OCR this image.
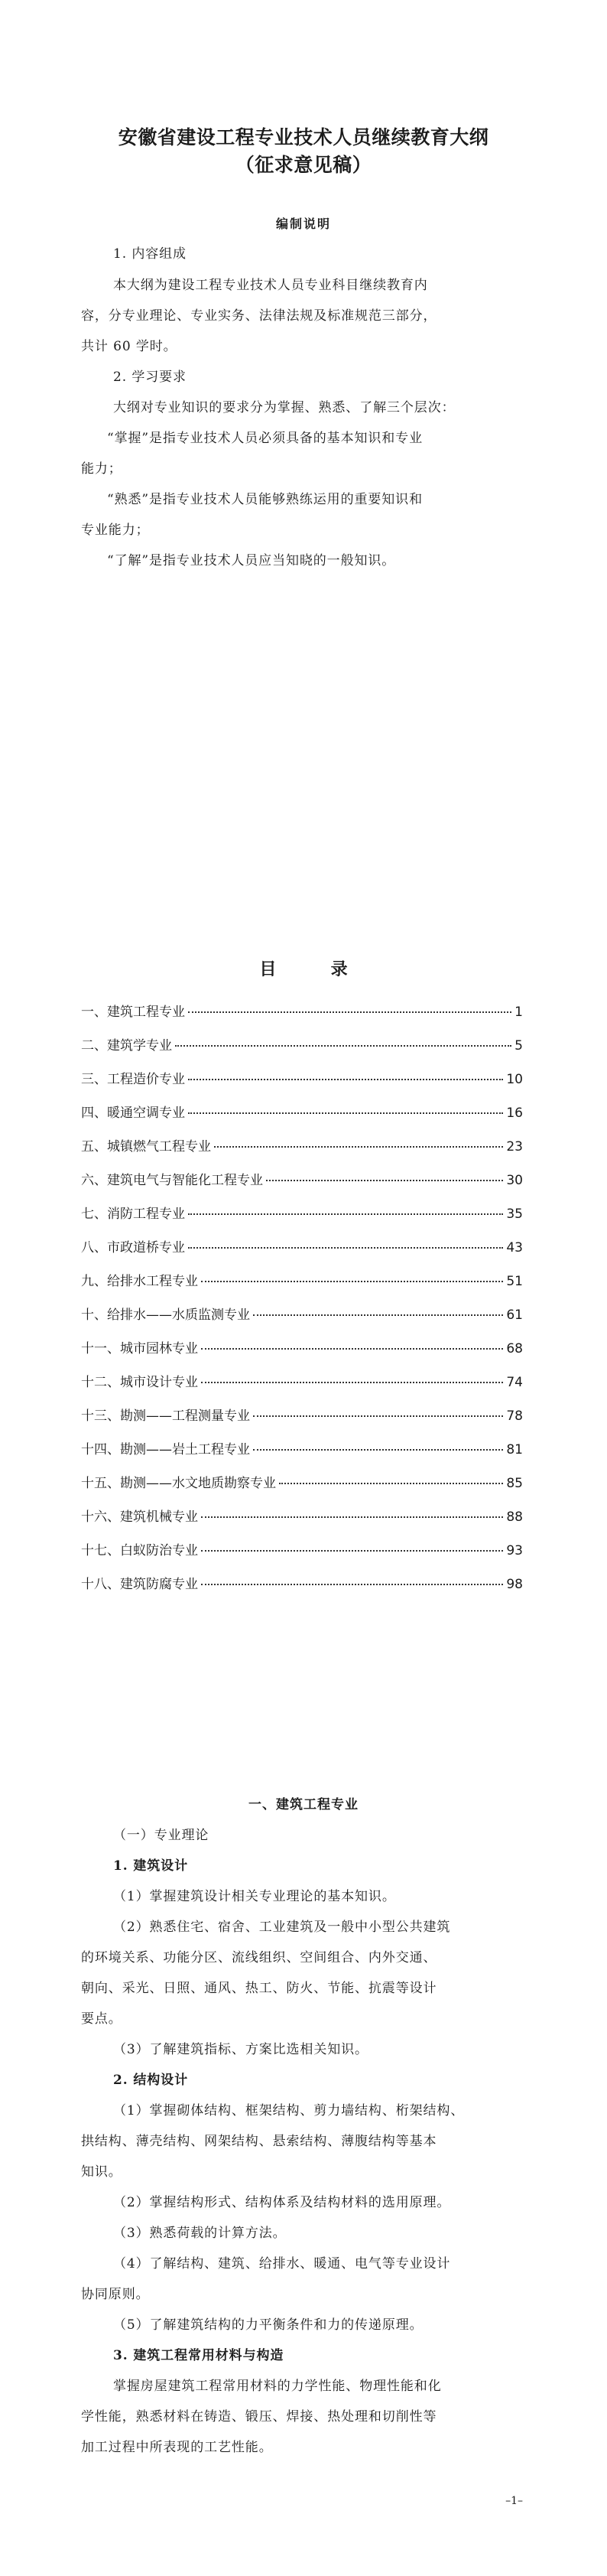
安徽省建设工程专业技术人员继续教育大纲
（征求意见稿）
编制说明
1. 内容组成
本大纲为建设工程专业技术人员专业科目继续教育内
容，分专业理论、专业实务、法律法规及标准规范三部分，
共计 60 学时。
2. 学习要求
大纲对专业知识的要求分为掌握、熟悉、了解三个层次：
“掌握”是指专业技术人员必须具备的基本知识和专业
能力；
“熟悉”是指专业技术人员能够熟练运用的重要知识和
专业能力；
“了解”是指专业技术人员应当知晓的一般知识。
目	录
一、建筑工程专业	1
二、建筑学专业	5
三、工程造价专业	10
四、暖通空调专业	16
五、城镇燃气工程专业	23
六、建筑电气与智能化工程专业	30
七、消防工程专业	35
八、市政道桥专业	43
九、给排水工程专业	51
十、给排水——水质监测专业	61
十一、城市园林专业	68
十二、城市设计专业	74
十三、勘测——工程测量专业	78
十四、勘测——岩土工程专业	81
十五、勘测——水文地质勘察专业	85
十六、建筑机械专业	88
十七、白蚁防治专业	93
十八、建筑防腐专业	98
一、建筑工程专业
（一）专业理论
1. 建筑设计
（1）掌握建筑设计相关专业理论的基本知识。
（2）熟悉住宅、宿舍、工业建筑及一般中小型公共建筑
的环境关系、功能分区、流线组织、空间组合、内外交通、
朝向、采光、日照、通风、热工、防火、节能、抗震等设计
要点。
（3）了解建筑指标、方案比选相关知识。
2. 结构设计
（1）掌握砌体结构、框架结构、剪力墙结构、桁架结构、
拱结构、薄壳结构、网架结构、悬索结构、薄腹结构等基本
知识。
（2）掌握结构形式、结构体系及结构材料的选用原理。
（3）熟悉荷载的计算方法。
（4）了解结构、建筑、给排水、暖通、电气等专业设计
协同原则。
（5）了解建筑结构的力平衡条件和力的传递原理。
3. 建筑工程常用材料与构造
掌握房屋建筑工程常用材料的力学性能、物理性能和化
学性能，熟悉材料在铸造、锻压、焊接、热处理和切削性等
加工过程中所表现的工艺性能。
–1–
